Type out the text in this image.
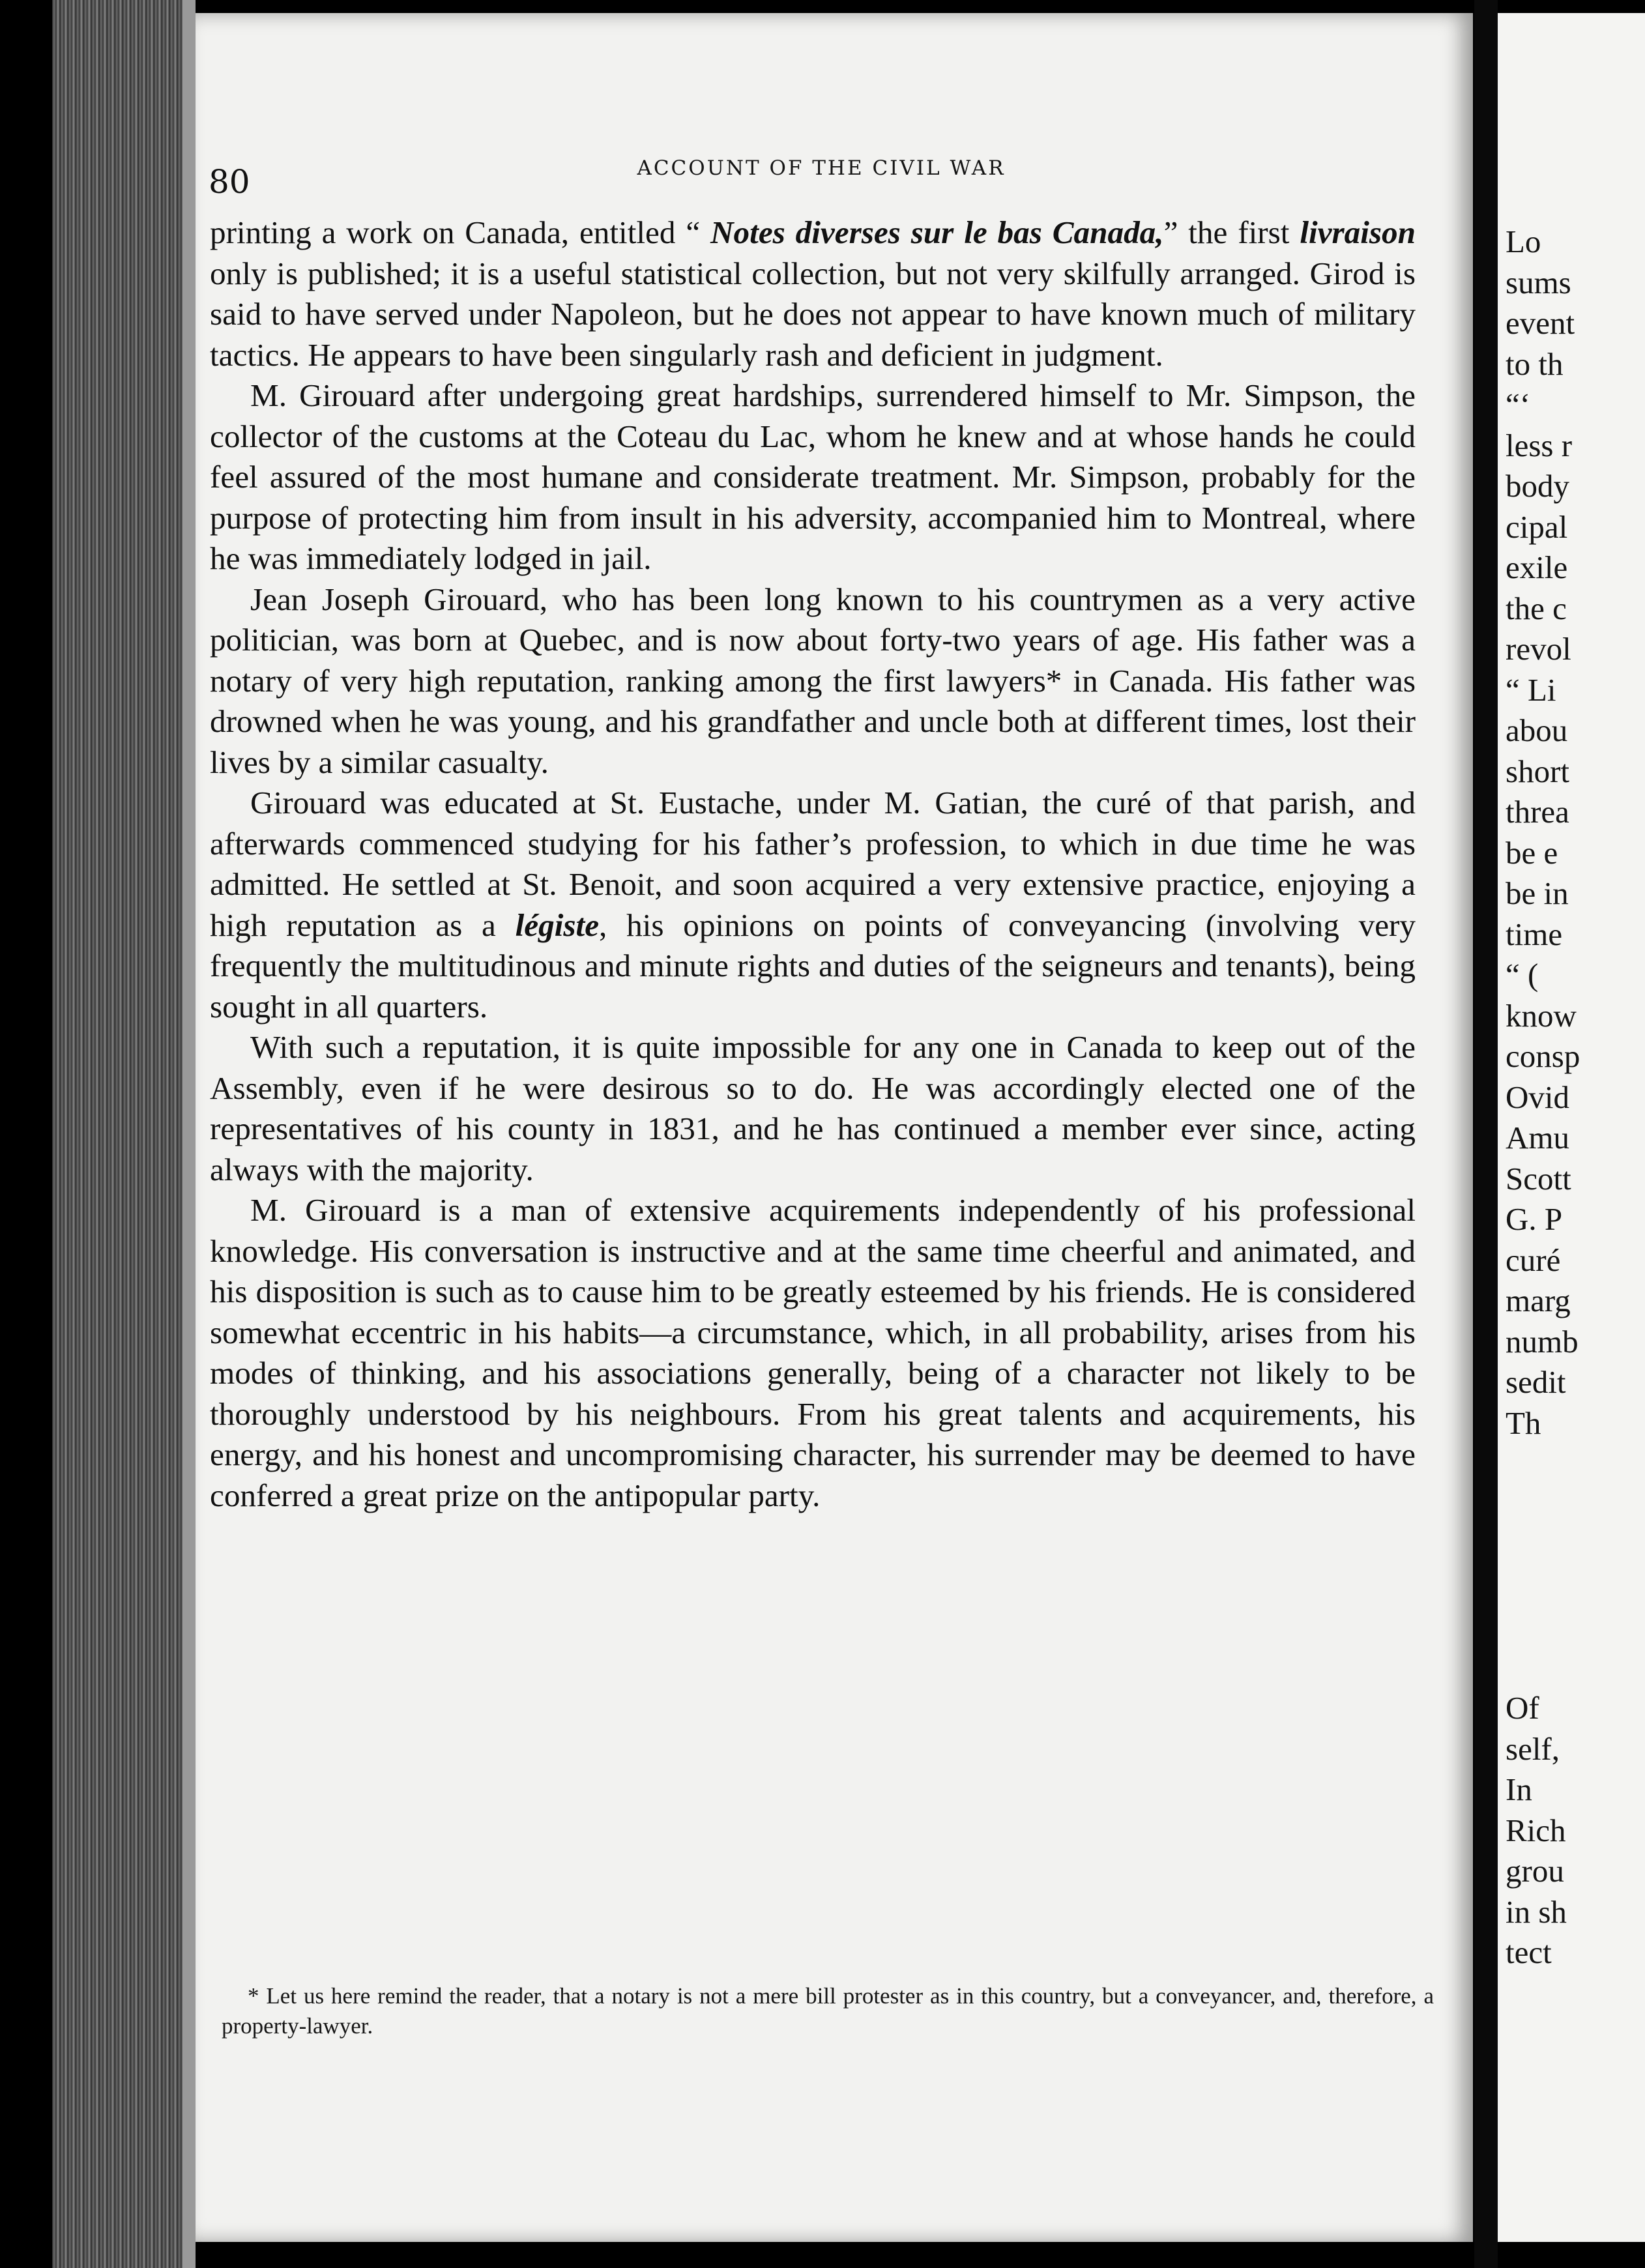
80	ACCOUNT OF THE CIVIL WAR

printing a work on Canada, entitled “ Notes diverses sur le bas Canada,” the first livraison only is published; it is a useful statistical collection, but not very skilfully arranged. Girod is said to have served under Napoleon, but he does not appear to have known much of military tactics. He appears to have been singularly rash and deficient in judgment.

M. Girouard after undergoing great hardships, surrendered himself to Mr. Simpson, the collector of the customs at the Coteau du Lac, whom he knew and at whose hands he could feel assured of the most humane and considerate treatment. Mr. Simpson, probably for the purpose of protecting him from insult in his adversity, accompanied him to Montreal, where he was immediately lodged in jail.

Jean Joseph Girouard, who has been long known to his countrymen as a very active politician, was born at Quebec, and is now about forty-two years of age. His father was a notary of very high reputation, ranking among the first lawyers* in Canada. His father was drowned when he was young, and his grandfather and uncle both at different times, lost their lives by a similar casualty.

Girouard was educated at St. Eustache, under M. Gatian, the curé of that parish, and afterwards commenced studying for his father’s profession, to which in due time he was admitted. He settled at St. Benoit, and soon acquired a very extensive practice, enjoying a high reputation as a légiste, his opinions on points of conveyancing (involving very frequently the multitudinous and minute rights and duties of the seigneurs and tenants), being sought in all quarters.

With such a reputation, it is quite impossible for any one in Canada to keep out of the Assembly, even if he were desirous so to do. He was accordingly elected one of the representatives of his county in 1831, and he has continued a member ever since, acting always with the majority.

M. Girouard is a man of extensive acquirements independently of his professional knowledge. His conversation is instructive and at the same time cheerful and animated, and his disposition is such as to cause him to be greatly esteemed by his friends. He is considered somewhat eccentric in his habits—a circumstance, which, in all probability, arises from his modes of thinking, and his associations generally, being of a character not likely to be thoroughly understood by his neighbours. From his great talents and acquirements, his energy, and his honest and uncompromising character, his surrender may be deemed to have conferred a great prize on the antipopular party.

* Let us here remind the reader, that a notary is not a mere bill protester as in this country, but a conveyancer, and, therefore, a property-lawyer.

Lo
sums
event
to th
“‘
less r
body
cipal
exile
the c
revol
“ Li
abou
short
threa
be e
be in
time
“ (
know
consp
Ovid
Amu
Scott
G. P
curé
marg
numb
sedit
Th
Of
self,
In
Rich
grou
in sh
tect
